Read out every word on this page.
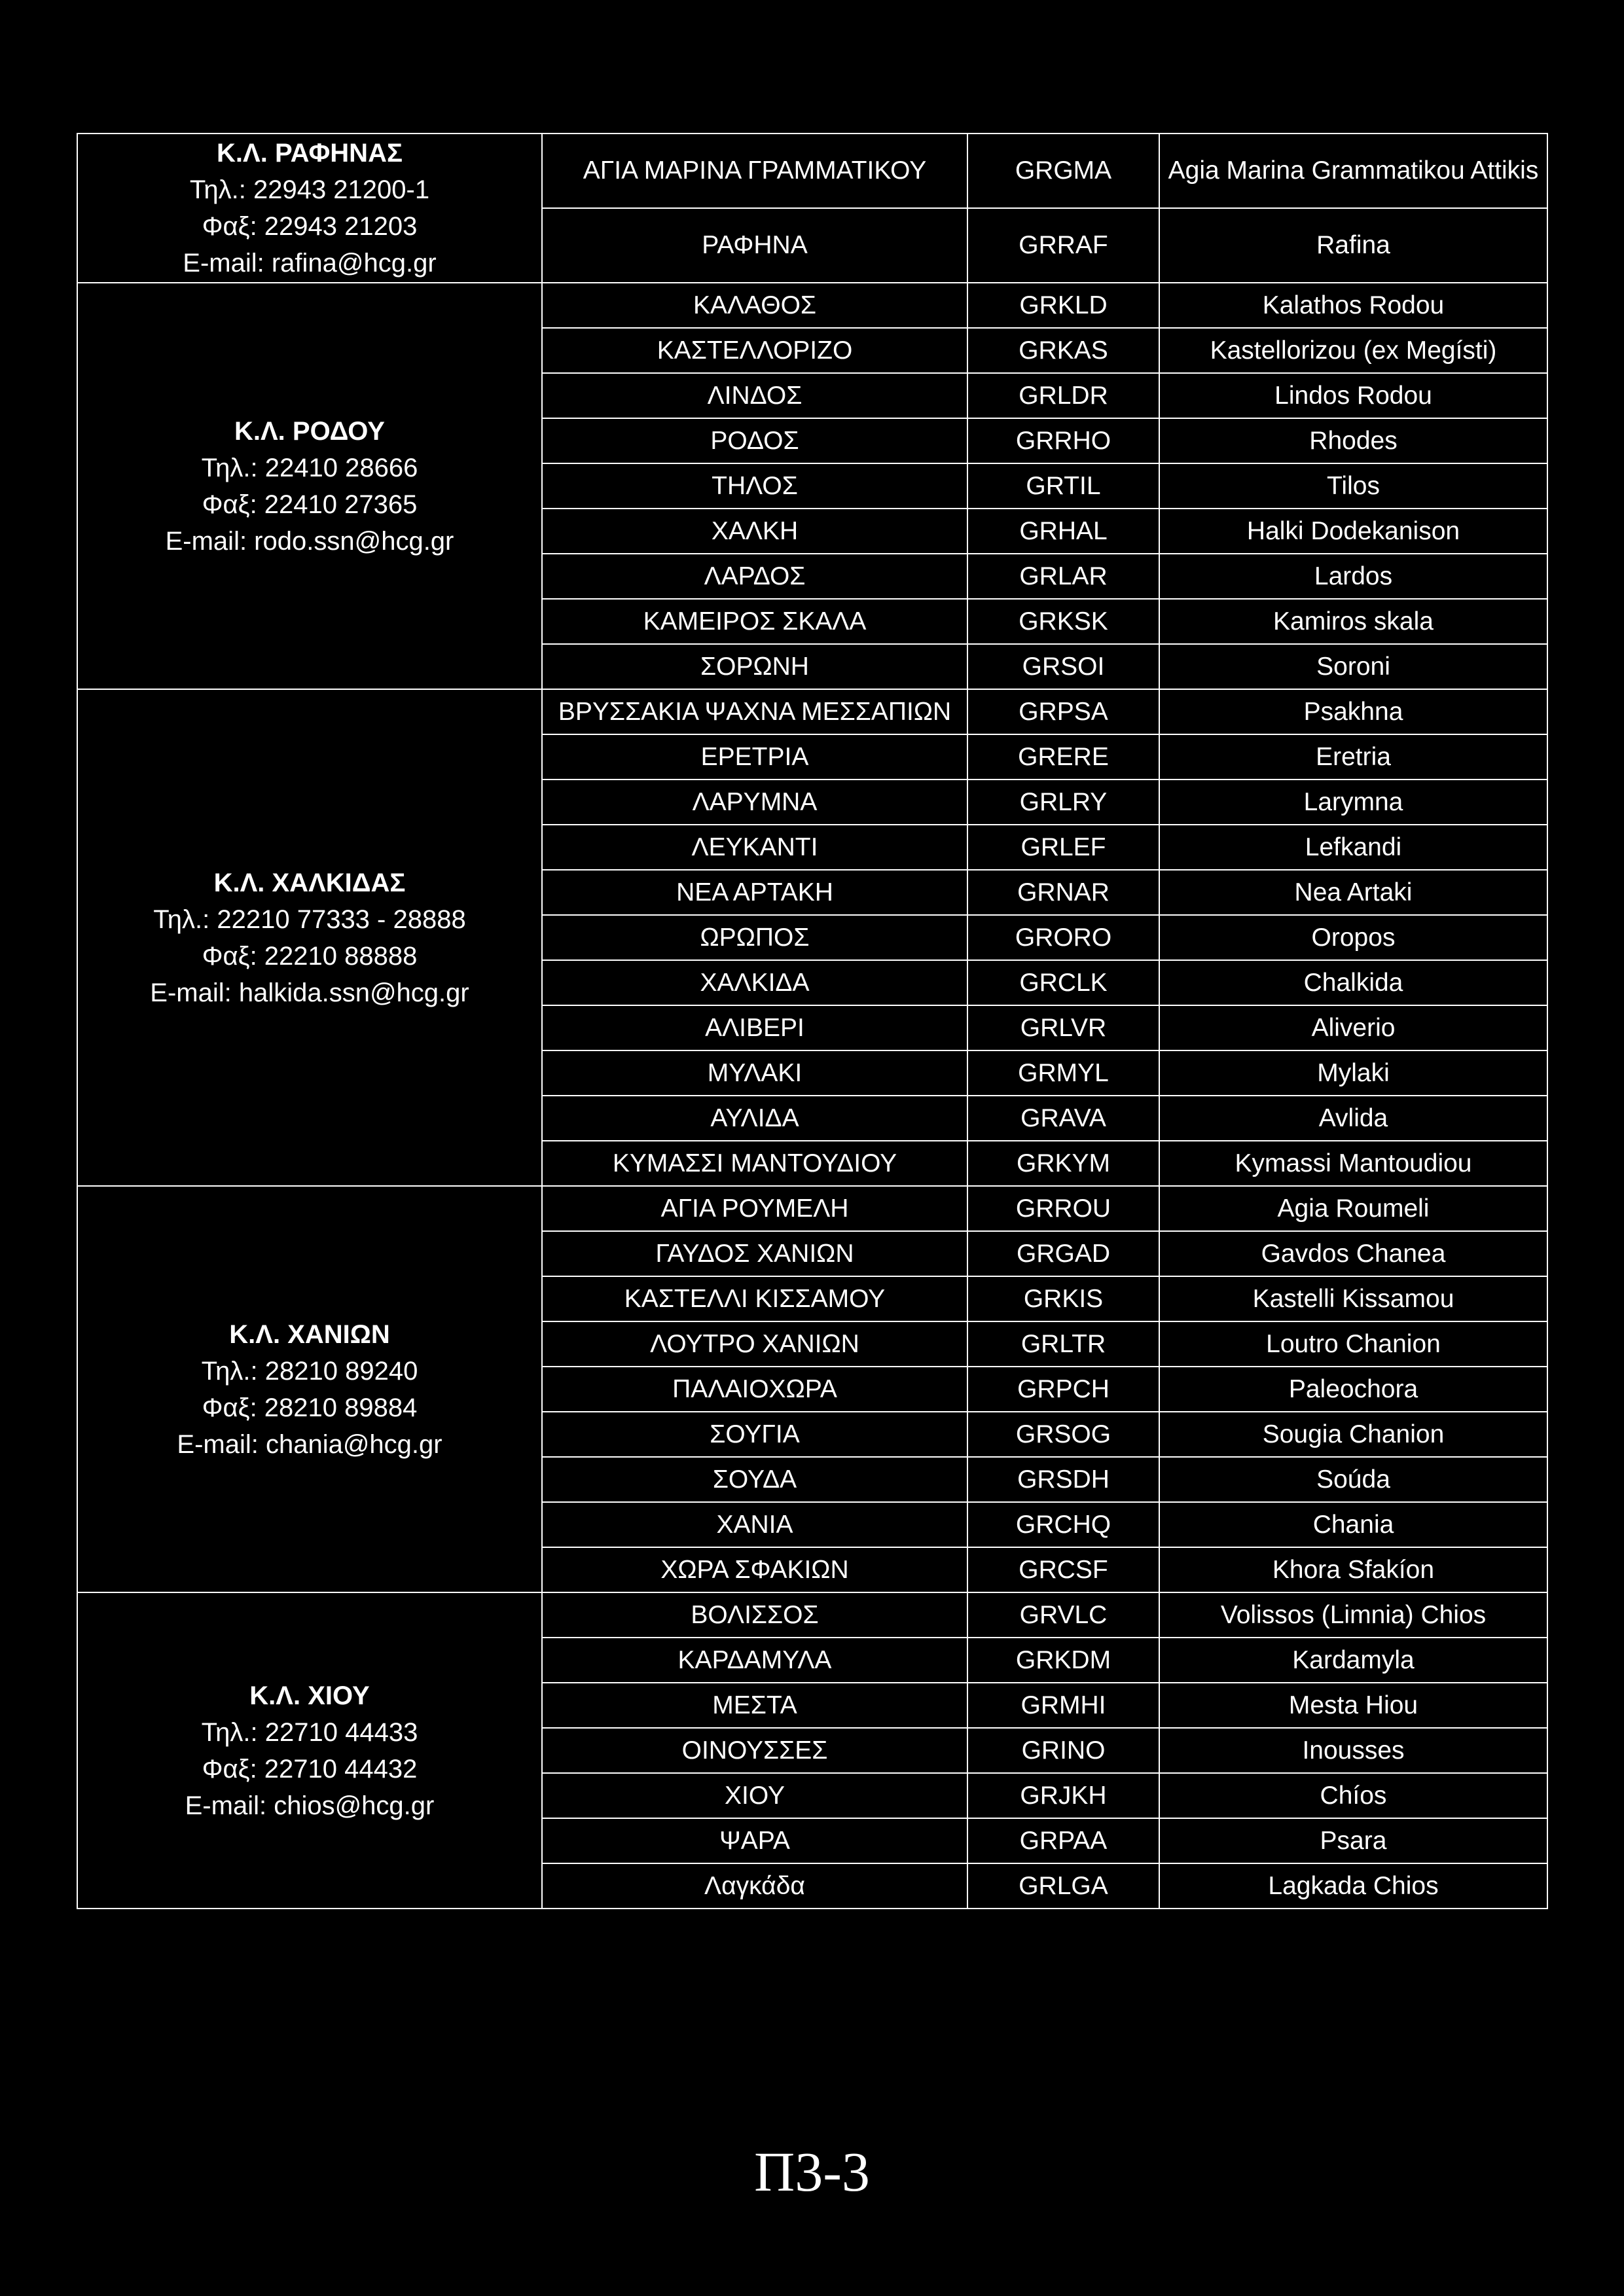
Κ.Λ. ΡΑΦΗΝΑΣ
Τηλ.: 22943 21200-1
Φαξ: 22943 21203
E-mail: rafina@hcg.gr	ΑΓΙΑ ΜΑΡΙΝΑ ΓΡΑΜΜΑΤΙΚΟΥ	GRGMA	Agia Marina Grammatikou Attikis
	ΡΑΦΗΝΑ	GRRAF	Rafina

Κ.Λ. ΡΟΔΟΥ
Τηλ.: 22410 28666
Φαξ: 22410 27365
E-mail: rodo.ssn@hcg.gr	ΚΑΛΑΘΟΣ	GRKLD	Kalathos Rodou
	ΚΑΣΤΕΛΛΟΡΙΖΟ	GRKAS	Kastellorizou (ex Megísti)
	ΛΙΝΔΟΣ	GRLDR	Lindos Rodou
	ΡΟΔΟΣ	GRRHO	Rhodes
	ΤΗΛΟΣ	GRTIL	Tilos
	ΧΑΛΚΗ	GRHAL	Halki Dodekanison
	ΛΑΡΔΟΣ	GRLAR	Lardos
	ΚΑΜΕΙΡΟΣ ΣΚΑΛΑ	GRKSK	Kamiros skala
	ΣΟΡΩΝΗ	GRSOI	Soroni

Κ.Λ. ΧΑΛΚΙΔΑΣ
Τηλ.: 22210 77333 - 28888
Φαξ: 22210 88888
E-mail: halkida.ssn@hcg.gr	ΒΡΥΣΣΑΚΙΑ ΨΑΧΝΑ ΜΕΣΣΑΠΙΩΝ	GRPSA	Psakhna
	ΕΡΕΤΡΙΑ	GRERE	Eretria
	ΛΑΡΥΜΝΑ	GRLRY	Larymna
	ΛΕΥΚΑΝΤΙ	GRLEF	Lefkandi
	ΝΕΑ ΑΡΤΑΚΗ	GRNAR	Nea Artaki
	ΩΡΩΠΟΣ	GRORO	Oropos
	ΧΑΛΚΙΔΑ	GRCLK	Chalkida
	ΑΛΙΒΕΡΙ	GRLVR	Aliverio
	ΜΥΛΑΚΙ	GRMYL	Mylaki
	ΑΥΛΙΔΑ	GRAVA	Avlida
	ΚΥΜΑΣΣΙ ΜΑΝΤΟΥΔΙΟΥ	GRKYM	Kymassi Mantoudiou

Κ.Λ. ΧΑΝΙΩΝ
Τηλ.: 28210 89240
Φαξ: 28210 89884
E-mail: chania@hcg.gr	ΑΓΙΑ ΡΟΥΜΕΛΗ	GRROU	Agia Roumeli
	ΓΑΥΔΟΣ ΧΑΝΙΩΝ	GRGAD	Gavdos Chanea
	ΚΑΣΤΕΛΛΙ ΚΙΣΣΑΜΟΥ	GRKIS	Kastelli Kissamou
	ΛΟΥΤΡΟ ΧΑΝΙΩΝ	GRLTR	Loutro Chanion
	ΠΑΛΑΙΟΧΩΡΑ	GRPCH	Paleochora
	ΣΟΥΓΙΑ	GRSOG	Sougia Chanion
	ΣΟΥΔΑ	GRSDH	Soúda
	ΧΑΝΙΑ	GRCHQ	Chania
	ΧΩΡΑ ΣΦΑΚΙΩΝ	GRCSF	Khora Sfakíon

Κ.Λ. ΧΙΟΥ
Τηλ.: 22710 44433
Φαξ: 22710 44432
E-mail: chios@hcg.gr	ΒΟΛΙΣΣΟΣ	GRVLC	Volissos (Limnia) Chios
	ΚΑΡΔΑΜΥΛΑ	GRKDM	Kardamyla
	ΜΕΣΤΑ	GRMHI	Mesta Hiou
	ΟΙΝΟΥΣΣΕΣ	GRINO	Inousses
	ΧΙΟΥ	GRJKH	Chíos
	ΨΑΡΑ	GRPAA	Psara
	Λαγκάδα	GRLGA	Lagkada Chios
Π3-3
